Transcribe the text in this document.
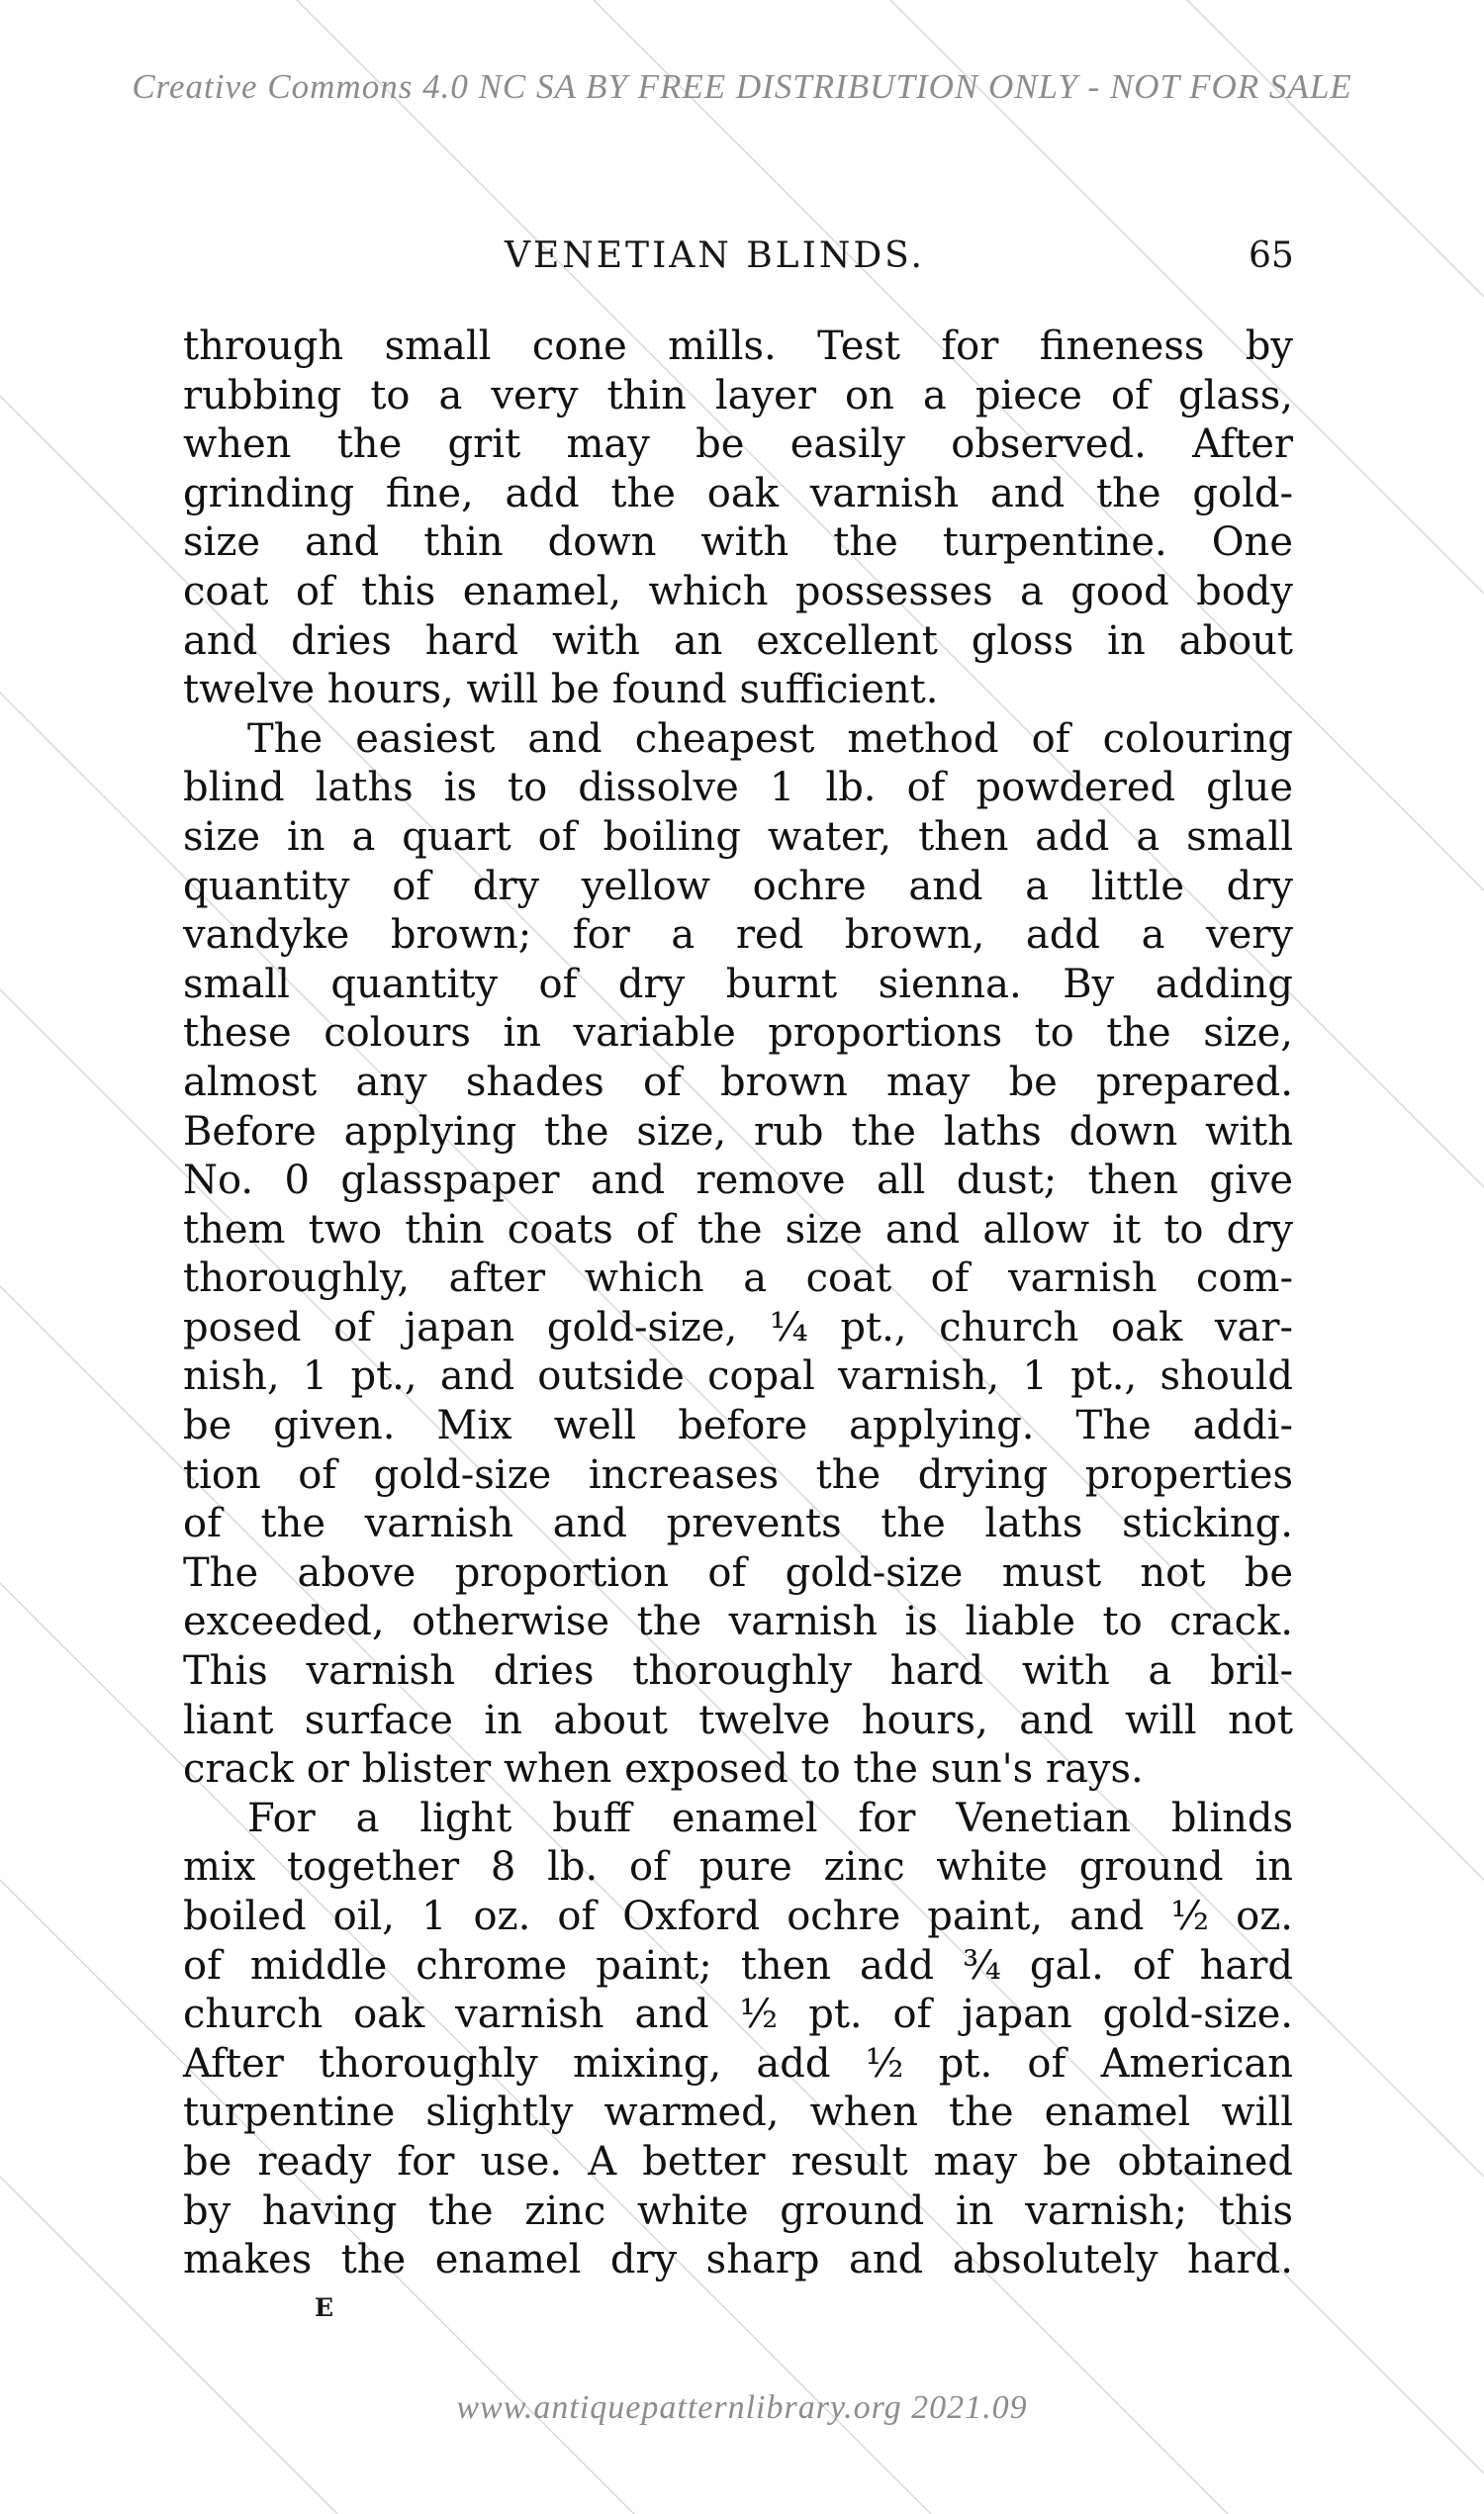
Creative Commons 4.0 NC SA BY FREE DISTRIBUTION ONLY - NOT FOR SALE
VENETIAN BLINDS.	65
through small cone mills. Test for fineness by
rubbing to a very thin layer on a piece of glass,
when the grit may be easily observed. After
grinding fine, add the oak varnish and the gold-
size and thin down with the turpentine. One
coat of this enamel, which possesses a good body
and dries hard with an excellent gloss in about
twelve hours, will be found sufficient.
The easiest and cheapest method of colouring
blind laths is to dissolve 1 lb. of powdered glue
size in a quart of boiling water, then add a small
quantity of dry yellow ochre and a little dry
vandyke brown; for a red brown, add a very
small quantity of dry burnt sienna. By adding
these colours in variable proportions to the size,
almost any shades of brown may be prepared.
Before applying the size, rub the laths down with
No. 0 glasspaper and remove all dust; then give
them two thin coats of the size and allow it to dry
thoroughly, after which a coat of varnish com-
posed of japan gold-size, ¼ pt., church oak var-
nish, 1 pt., and outside copal varnish, 1 pt., should
be given. Mix well before applying. The addi-
tion of gold-size increases the drying properties
of the varnish and prevents the laths sticking.
The above proportion of gold-size must not be
exceeded, otherwise the varnish is liable to crack.
This varnish dries thoroughly hard with a bril-
liant surface in about twelve hours, and will not
crack or blister when exposed to the sun's rays.
For a light buff enamel for Venetian blinds
mix together 8 lb. of pure zinc white ground in
boiled oil, 1 oz. of Oxford ochre paint, and ½ oz.
of middle chrome paint; then add ¾ gal. of hard
church oak varnish and ½ pt. of japan gold-size.
After thoroughly mixing, add ½ pt. of American
turpentine slightly warmed, when the enamel will
be ready for use. A better result may be obtained
by having the zinc white ground in varnish; this
makes the enamel dry sharp and absolutely hard.
E
www.antiquepatternlibrary.org 2021.09
